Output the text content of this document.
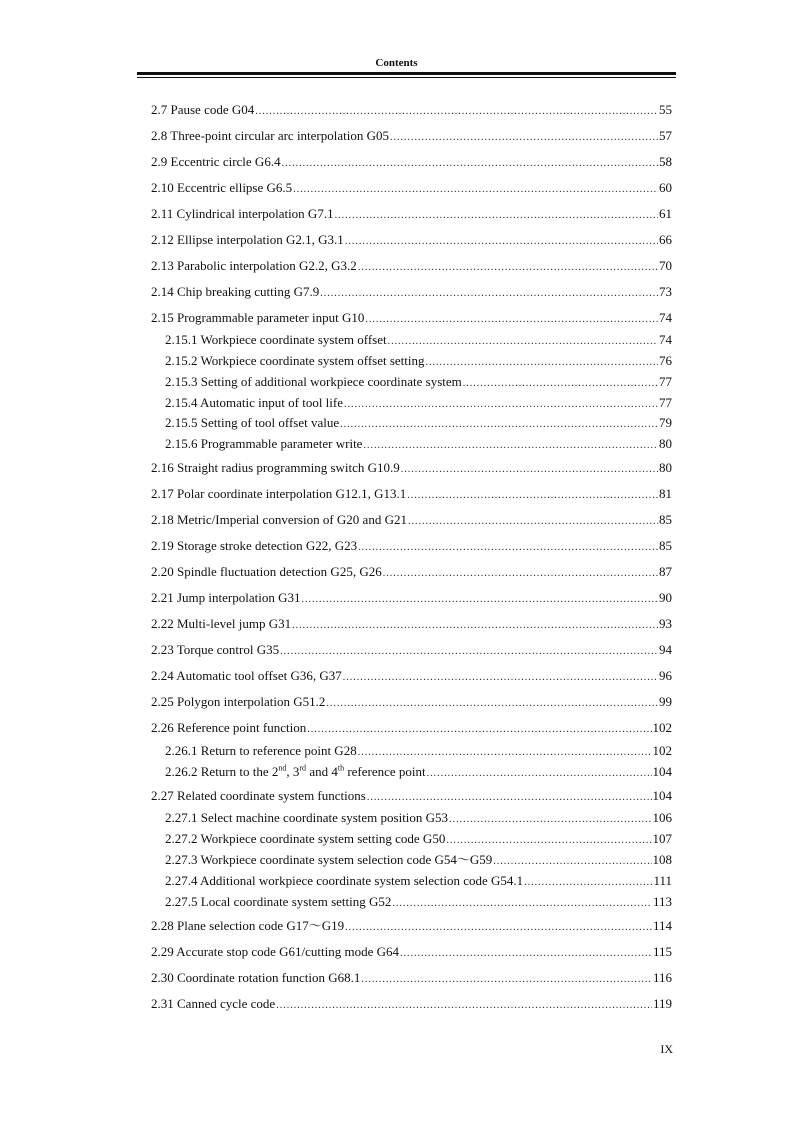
Contents
2.7 Pause code G04 .....	55
2.8 Three-point circular arc interpolation G05 .....	57
2.9 Eccentric circle G6.4 .....	58
2.10 Eccentric ellipse G6.5 .....	60
2.11 Cylindrical interpolation G7.1 .....	61
2.12 Ellipse interpolation G2.1, G3.1 .....	66
2.13 Parabolic interpolation G2.2, G3.2 .....	70
2.14 Chip breaking cutting G7.9 .....	73
2.15 Programmable parameter input G10 .....	74
2.15.1 Workpiece coordinate system offset .....	74
2.15.2 Workpiece coordinate system offset setting .....	76
2.15.3 Setting of additional workpiece coordinate system .....	77
2.15.4 Automatic input of tool life .....	77
2.15.5 Setting of tool offset value .....	79
2.15.6 Programmable parameter write .....	80
2.16 Straight radius programming switch G10.9 .....	80
2.17 Polar coordinate interpolation G12.1, G13.1 .....	81
2.18 Metric/Imperial conversion of G20 and G21 .....	85
2.19 Storage stroke detection G22, G23 .....	85
2.20 Spindle fluctuation detection G25, G26 .....	87
2.21 Jump interpolation G31 .....	90
2.22 Multi-level jump G31 .....	93
2.23 Torque control G35 .....	94
2.24 Automatic tool offset G36, G37 .....	96
2.25 Polygon interpolation G51.2 .....	99
2.26 Reference point function .....	102
2.26.1 Return to reference point G28 .....	102
2.26.2 Return to the 2nd, 3rd and 4th reference point .....	104
2.27 Related coordinate system functions .....	104
2.27.1 Select machine coordinate system position G53 .....	106
2.27.2 Workpiece coordinate system setting code G50 .....	107
2.27.3 Workpiece coordinate system selection code G54～G59 .....	108
2.27.4 Additional workpiece coordinate system selection code G54.1 .....	111
2.27.5 Local coordinate system setting G52 .....	113
2.28 Plane selection code G17～G19 .....	114
2.29 Accurate stop code G61/cutting mode G64 .....	115
2.30 Coordinate rotation function G68.1 .....	116
2.31 Canned cycle code .....	119
IX
